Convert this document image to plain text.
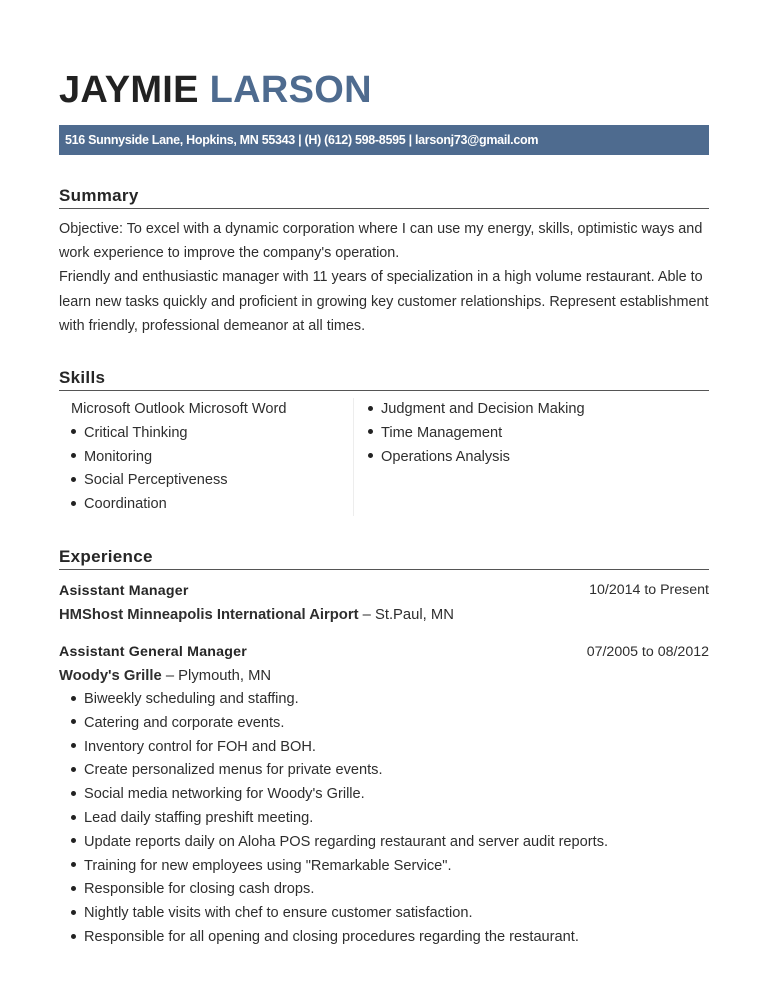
JAYMIE LARSON
516 Sunnyside Lane, Hopkins, MN 55343 | (H) (612) 598-8595 | larsonj73@gmail.com
Summary

Objective: To excel with a dynamic corporation where I can use my energy, skills, optimistic ways and work experience to improve the company's operation.

Friendly and enthusiastic manager with 11 years of specialization in a high volume restaurant. Able to learn new tasks quickly and proficient in growing key customer relationships. Represent establishment with friendly, professional demeanor at all times.

Skills
Microsoft Outlook Microsoft Word
Critical Thinking
Monitoring
Social Perceptiveness
Coordination
Judgment and Decision Making
Time Management
Operations Analysis
Experience
Asisstant Manager	10/2014 to Present
HMShost Minneapolis International Airport – St.Paul, MN
Assistant General Manager	07/2005 to 08/2012
Woody's Grille – Plymouth, MN
Biweekly scheduling and staffing.
Catering and corporate events.
Inventory control for FOH and BOH.
Create personalized menus for private events.
Social media networking for Woody's Grille.
Lead daily staffing preshift meeting.
Update reports daily on Aloha POS regarding restaurant and server audit reports.
Training for new employees using "Remarkable Service".
Responsible for closing cash drops.
Nightly table visits with chef to ensure customer satisfaction.
Responsible for all opening and closing procedures regarding the restaurant.
